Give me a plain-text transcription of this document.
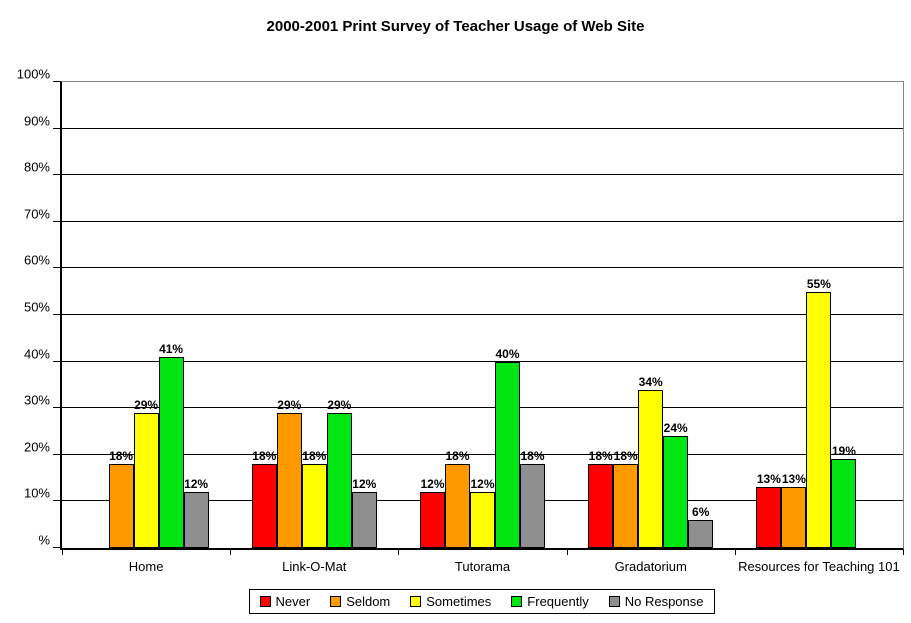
2000-2001 Print Survey of Teacher Usage of Web Site
%
10%
20%
30%
40%
50%
60%
70%
80%
90%
100%
18%
29%
41%
12%
Home
18%
29%
18%
29%
12%
Link-O-Mat
12%
18%
12%
40%
18%
Tutorama
18% 18%
34%
24%
6%
Gradatorium
13% 13%
55%
19%
Resources for Teaching 101
Never	Seldom	Sometimes	Frequently	No Response
